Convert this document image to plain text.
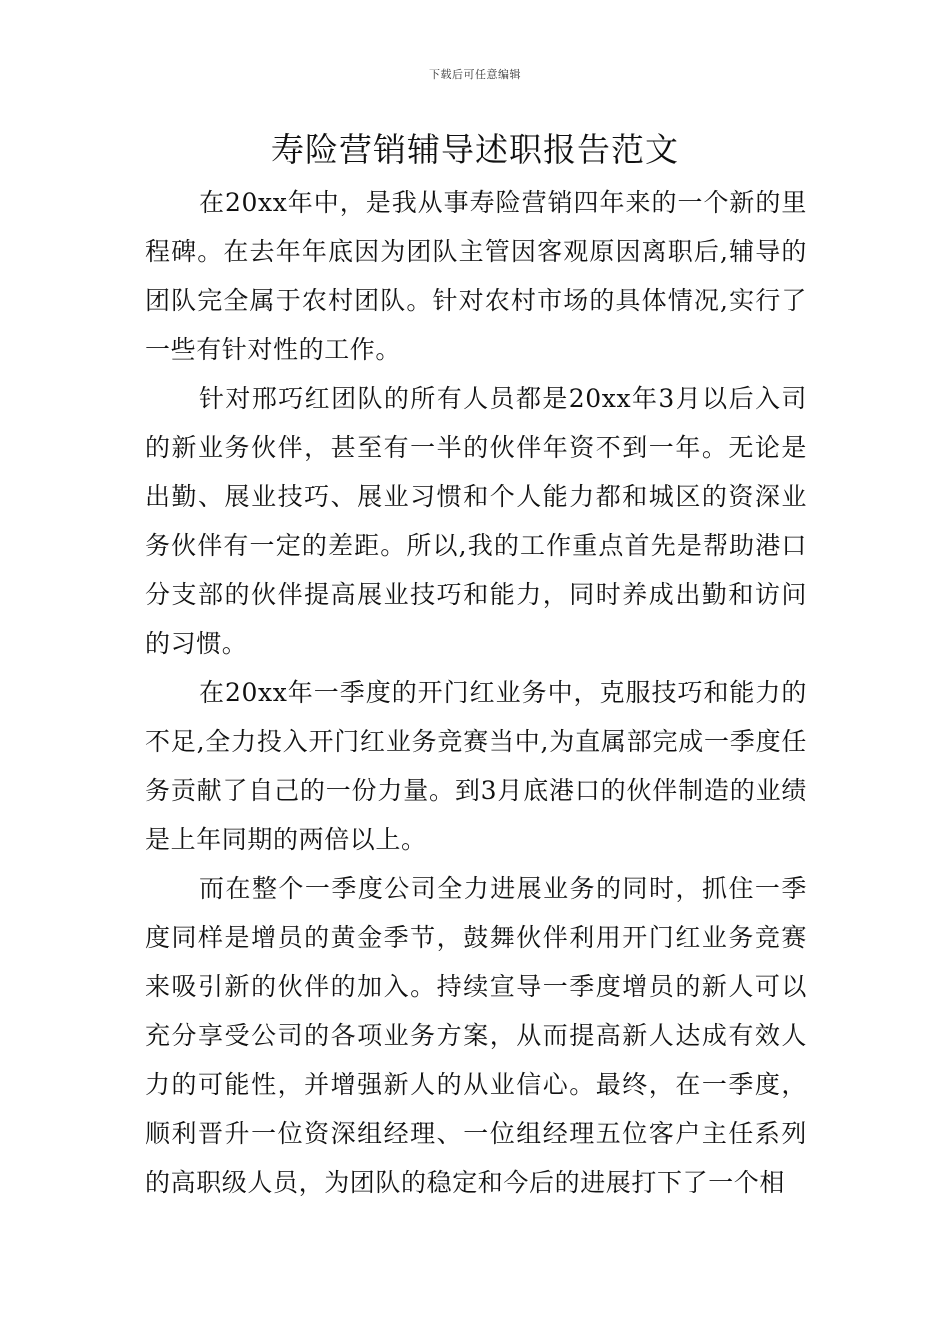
下载后可任意编辑
寿险营销辅导述职报告范文

在20xx年中，是我从事寿险营销四年来的一个新的里程碑。在去年年底因为团队主管因客观原因离职后,辅导的团队完全属于农村团队。针对农村市场的具体情况,实行了一些有针对性的工作。

针对邢巧红团队的所有人员都是20xx年3月以后入司的新业务伙伴，甚至有一半的伙伴年资不到一年。无论是出勤、展业技巧、展业习惯和个人能力都和城区的资深业务伙伴有一定的差距。所以,我的工作重点首先是帮助港口分支部的伙伴提高展业技巧和能力，同时养成出勤和访问的习惯。

在20xx年一季度的开门红业务中，克服技巧和能力的不足,全力投入开门红业务竞赛当中,为直属部完成一季度任务贡献了自己的一份力量。到3月底港口的伙伴制造的业绩是上年同期的两倍以上。

而在整个一季度公司全力进展业务的同时，抓住一季度同样是增员的黄金季节，鼓舞伙伴利用开门红业务竞赛来吸引新的伙伴的加入。持续宣导一季度增员的新人可以充分享受公司的各项业务方案，从而提高新人达成有效人力的可能性，并增强新人的从业信心。最终，在一季度，顺利晋升一位资深组经理、一位组经理五位客户主任系列的高职级人员，为团队的稳定和今后的进展打下了一个相
